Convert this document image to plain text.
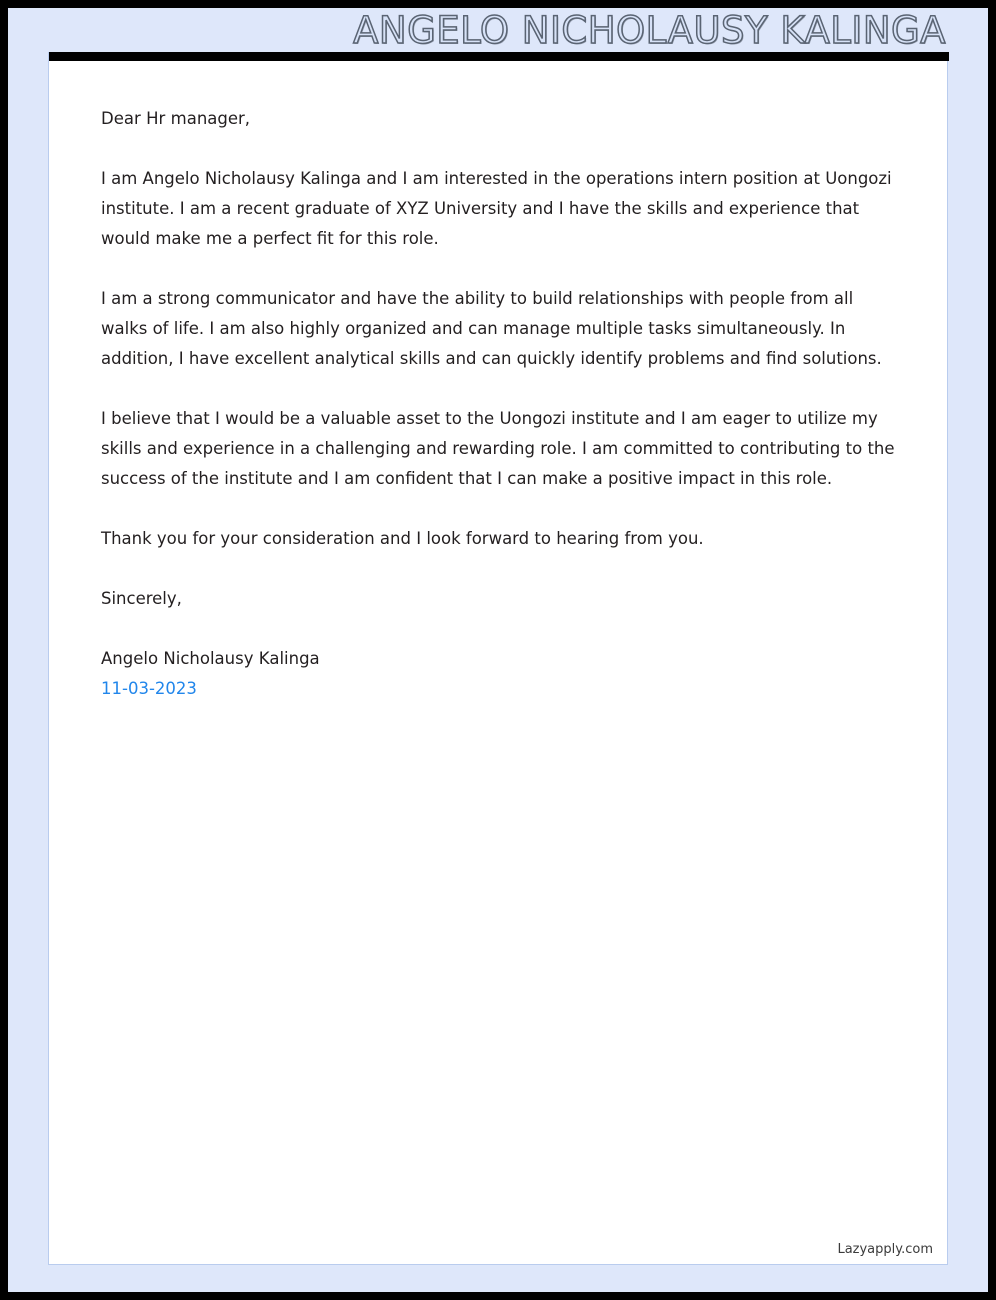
ANGELO NICHOLAUSY KALINGA

Dear Hr manager,

I am Angelo Nicholausy Kalinga and I am interested in the operations intern position at Uongozi institute. I am a recent graduate of XYZ University and I have the skills and experience that would make me a perfect fit for this role.

I am a strong communicator and have the ability to build relationships with people from all walks of life. I am also highly organized and can manage multiple tasks simultaneously. In addition, I have excellent analytical skills and can quickly identify problems and find solutions.

I believe that I would be a valuable asset to the Uongozi institute and I am eager to utilize my skills and experience in a challenging and rewarding role. I am committed to contributing to the success of the institute and I am confident that I can make a positive impact in this role.

Thank you for your consideration and I look forward to hearing from you.

Sincerely,

Angelo Nicholausy Kalinga

11-03-2023

Lazyapply.com
